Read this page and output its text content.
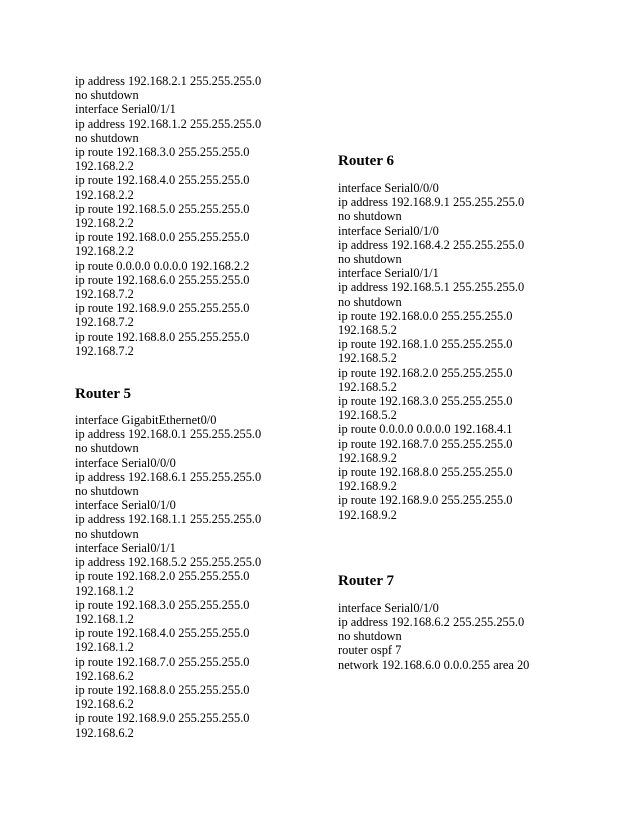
ip address 192.168.2.1 255.255.255.0

no shutdown

interface Serial0/1/1

ip address 192.168.1.2 255.255.255.0

no shutdown

ip route 192.168.3.0 255.255.255.0

192.168.2.2

ip route 192.168.4.0 255.255.255.0

192.168.2.2

ip route 192.168.5.0 255.255.255.0

192.168.2.2

ip route 192.168.0.0 255.255.255.0

192.168.2.2

ip route 0.0.0.0 0.0.0.0 192.168.2.2

ip route 192.168.6.0 255.255.255.0

192.168.7.2

ip route 192.168.9.0 255.255.255.0

192.168.7.2

ip route 192.168.8.0 255.255.255.0

192.168.7.2

Router 5

interface GigabitEthernet0/0

ip address 192.168.0.1 255.255.255.0

no shutdown

interface Serial0/0/0

ip address 192.168.6.1 255.255.255.0

no shutdown

interface Serial0/1/0

ip address 192.168.1.1 255.255.255.0

no shutdown

interface Serial0/1/1

ip address 192.168.5.2 255.255.255.0

ip route 192.168.2.0 255.255.255.0

192.168.1.2

ip route 192.168.3.0 255.255.255.0

192.168.1.2

ip route 192.168.4.0 255.255.255.0

192.168.1.2

ip route 192.168.7.0 255.255.255.0

192.168.6.2

ip route 192.168.8.0 255.255.255.0

192.168.6.2

ip route 192.168.9.0 255.255.255.0

192.168.6.2

Router 6

interface Serial0/0/0

ip address 192.168.9.1 255.255.255.0

no shutdown

interface Serial0/1/0

ip address 192.168.4.2 255.255.255.0

no shutdown

interface Serial0/1/1

ip address 192.168.5.1 255.255.255.0

no shutdown

ip route 192.168.0.0 255.255.255.0

192.168.5.2

ip route 192.168.1.0 255.255.255.0

192.168.5.2

ip route 192.168.2.0 255.255.255.0

192.168.5.2

ip route 192.168.3.0 255.255.255.0

192.168.5.2

ip route 0.0.0.0 0.0.0.0 192.168.4.1

ip route 192.168.7.0 255.255.255.0

192.168.9.2

ip route 192.168.8.0 255.255.255.0

192.168.9.2

ip route 192.168.9.0 255.255.255.0

192.168.9.2

Router 7

interface Serial0/1/0

ip address 192.168.6.2 255.255.255.0

no shutdown

router ospf 7

network 192.168.6.0 0.0.0.255 area 20
